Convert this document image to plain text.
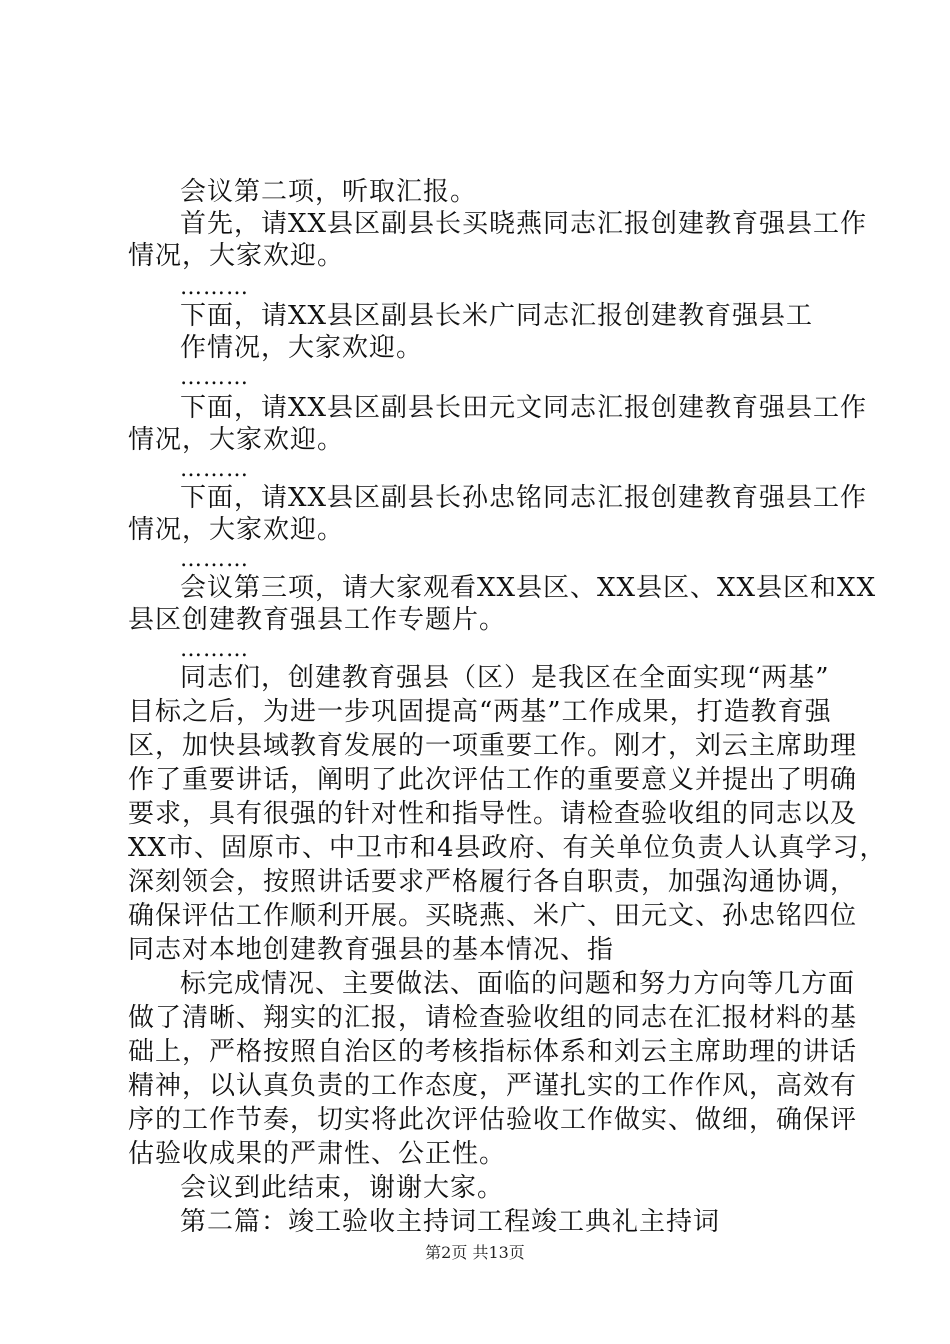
会议第二项，听取汇报。
首先，请XX县区副县长买晓燕同志汇报创建教育强县工作
情况，大家欢迎。
………
下面，请XX县区副县长米广同志汇报创建教育强县工
作情况，大家欢迎。
………
下面，请XX县区副县长田元文同志汇报创建教育强县工作
情况，大家欢迎。
………
下面，请XX县区副县长孙忠铭同志汇报创建教育强县工作
情况，大家欢迎。
………
会议第三项，请大家观看XX县区、XX县区、XX县区和XX
县区创建教育强县工作专题片。
………
同志们，创建教育强县（区）是我区在全面实现“两基”
目标之后，为进一步巩固提高“两基”工作成果，打造教育强
区，加快县域教育发展的一项重要工作。刚才，刘云主席助理
作了重要讲话，阐明了此次评估工作的重要意义并提出了明确
要求，具有很强的针对性和指导性。请检查验收组的同志以及
XX市、固原市、中卫市和4县政府、有关单位负责人认真学习，
深刻领会，按照讲话要求严格履行各自职责，加强沟通协调，
确保评估工作顺利开展。买晓燕、米广、田元文、孙忠铭四位
同志对本地创建教育强县的基本情况、指
标完成情况、主要做法、面临的问题和努力方向等几方面
做了清晰、翔实的汇报，请检查验收组的同志在汇报材料的基
础上，严格按照自治区的考核指标体系和刘云主席助理的讲话
精神，以认真负责的工作态度，严谨扎实的工作作风，高效有
序的工作节奏，切实将此次评估验收工作做实、做细，确保评
估验收成果的严肃性、公正性。
会议到此结束，谢谢大家。
第二篇：竣工验收主持词工程竣工典礼主持词
第2页 共13页
